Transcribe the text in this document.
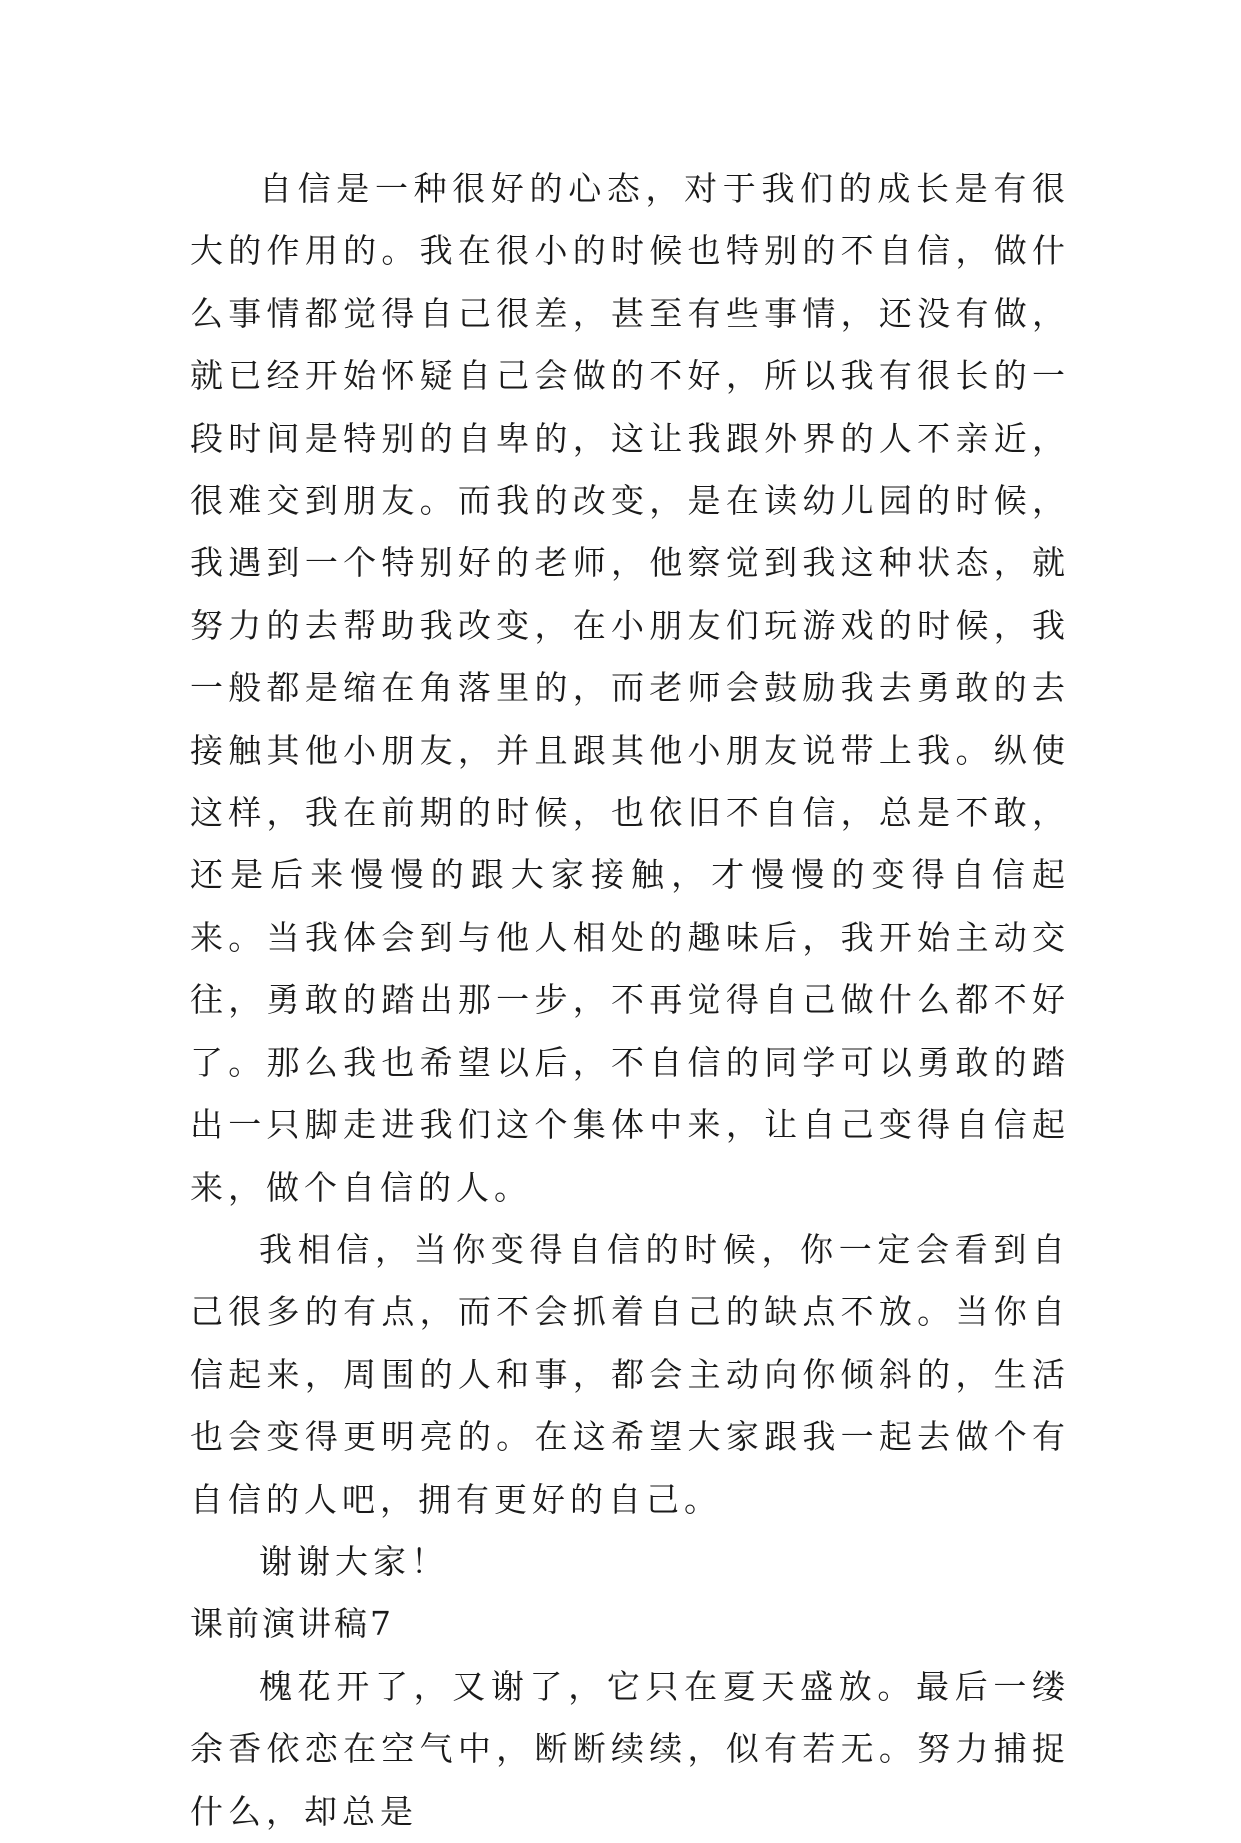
自信是一种很好的心态，对于我们的成长是有很大的作用的。我在很小的时候也特别的不自信，做什么事情都觉得自己很差，甚至有些事情，还没有做，就已经开始怀疑自己会做的不好，所以我有很长的一段时间是特别的自卑的，这让我跟外界的人不亲近，很难交到朋友。而我的改变，是在读幼儿园的时候，我遇到一个特别好的老师，他察觉到我这种状态，就努力的去帮助我改变，在小朋友们玩游戏的时候，我一般都是缩在角落里的，而老师会鼓励我去勇敢的去接触其他小朋友，并且跟其他小朋友说带上我。纵使这样，我在前期的时候，也依旧不自信，总是不敢，还是后来慢慢的跟大家接触，才慢慢的变得自信起来。当我体会到与他人相处的趣味后，我开始主动交往，勇敢的踏出那一步，不再觉得自己做什么都不好了。那么我也希望以后，不自信的同学可以勇敢的踏出一只脚走进我们这个集体中来，让自己变得自信起来，做个自信的人。

我相信，当你变得自信的时候，你一定会看到自己很多的有点，而不会抓着自己的缺点不放。当你自信起来，周围的人和事，都会主动向你倾斜的，生活也会变得更明亮的。在这希望大家跟我一起去做个有自信的人吧，拥有更好的自己。

谢谢大家！

课前演讲稿7

槐花开了，又谢了，它只在夏天盛放。最后一缕余香依恋在空气中，断断续续，似有若无。努力捕捉什么，却总是
